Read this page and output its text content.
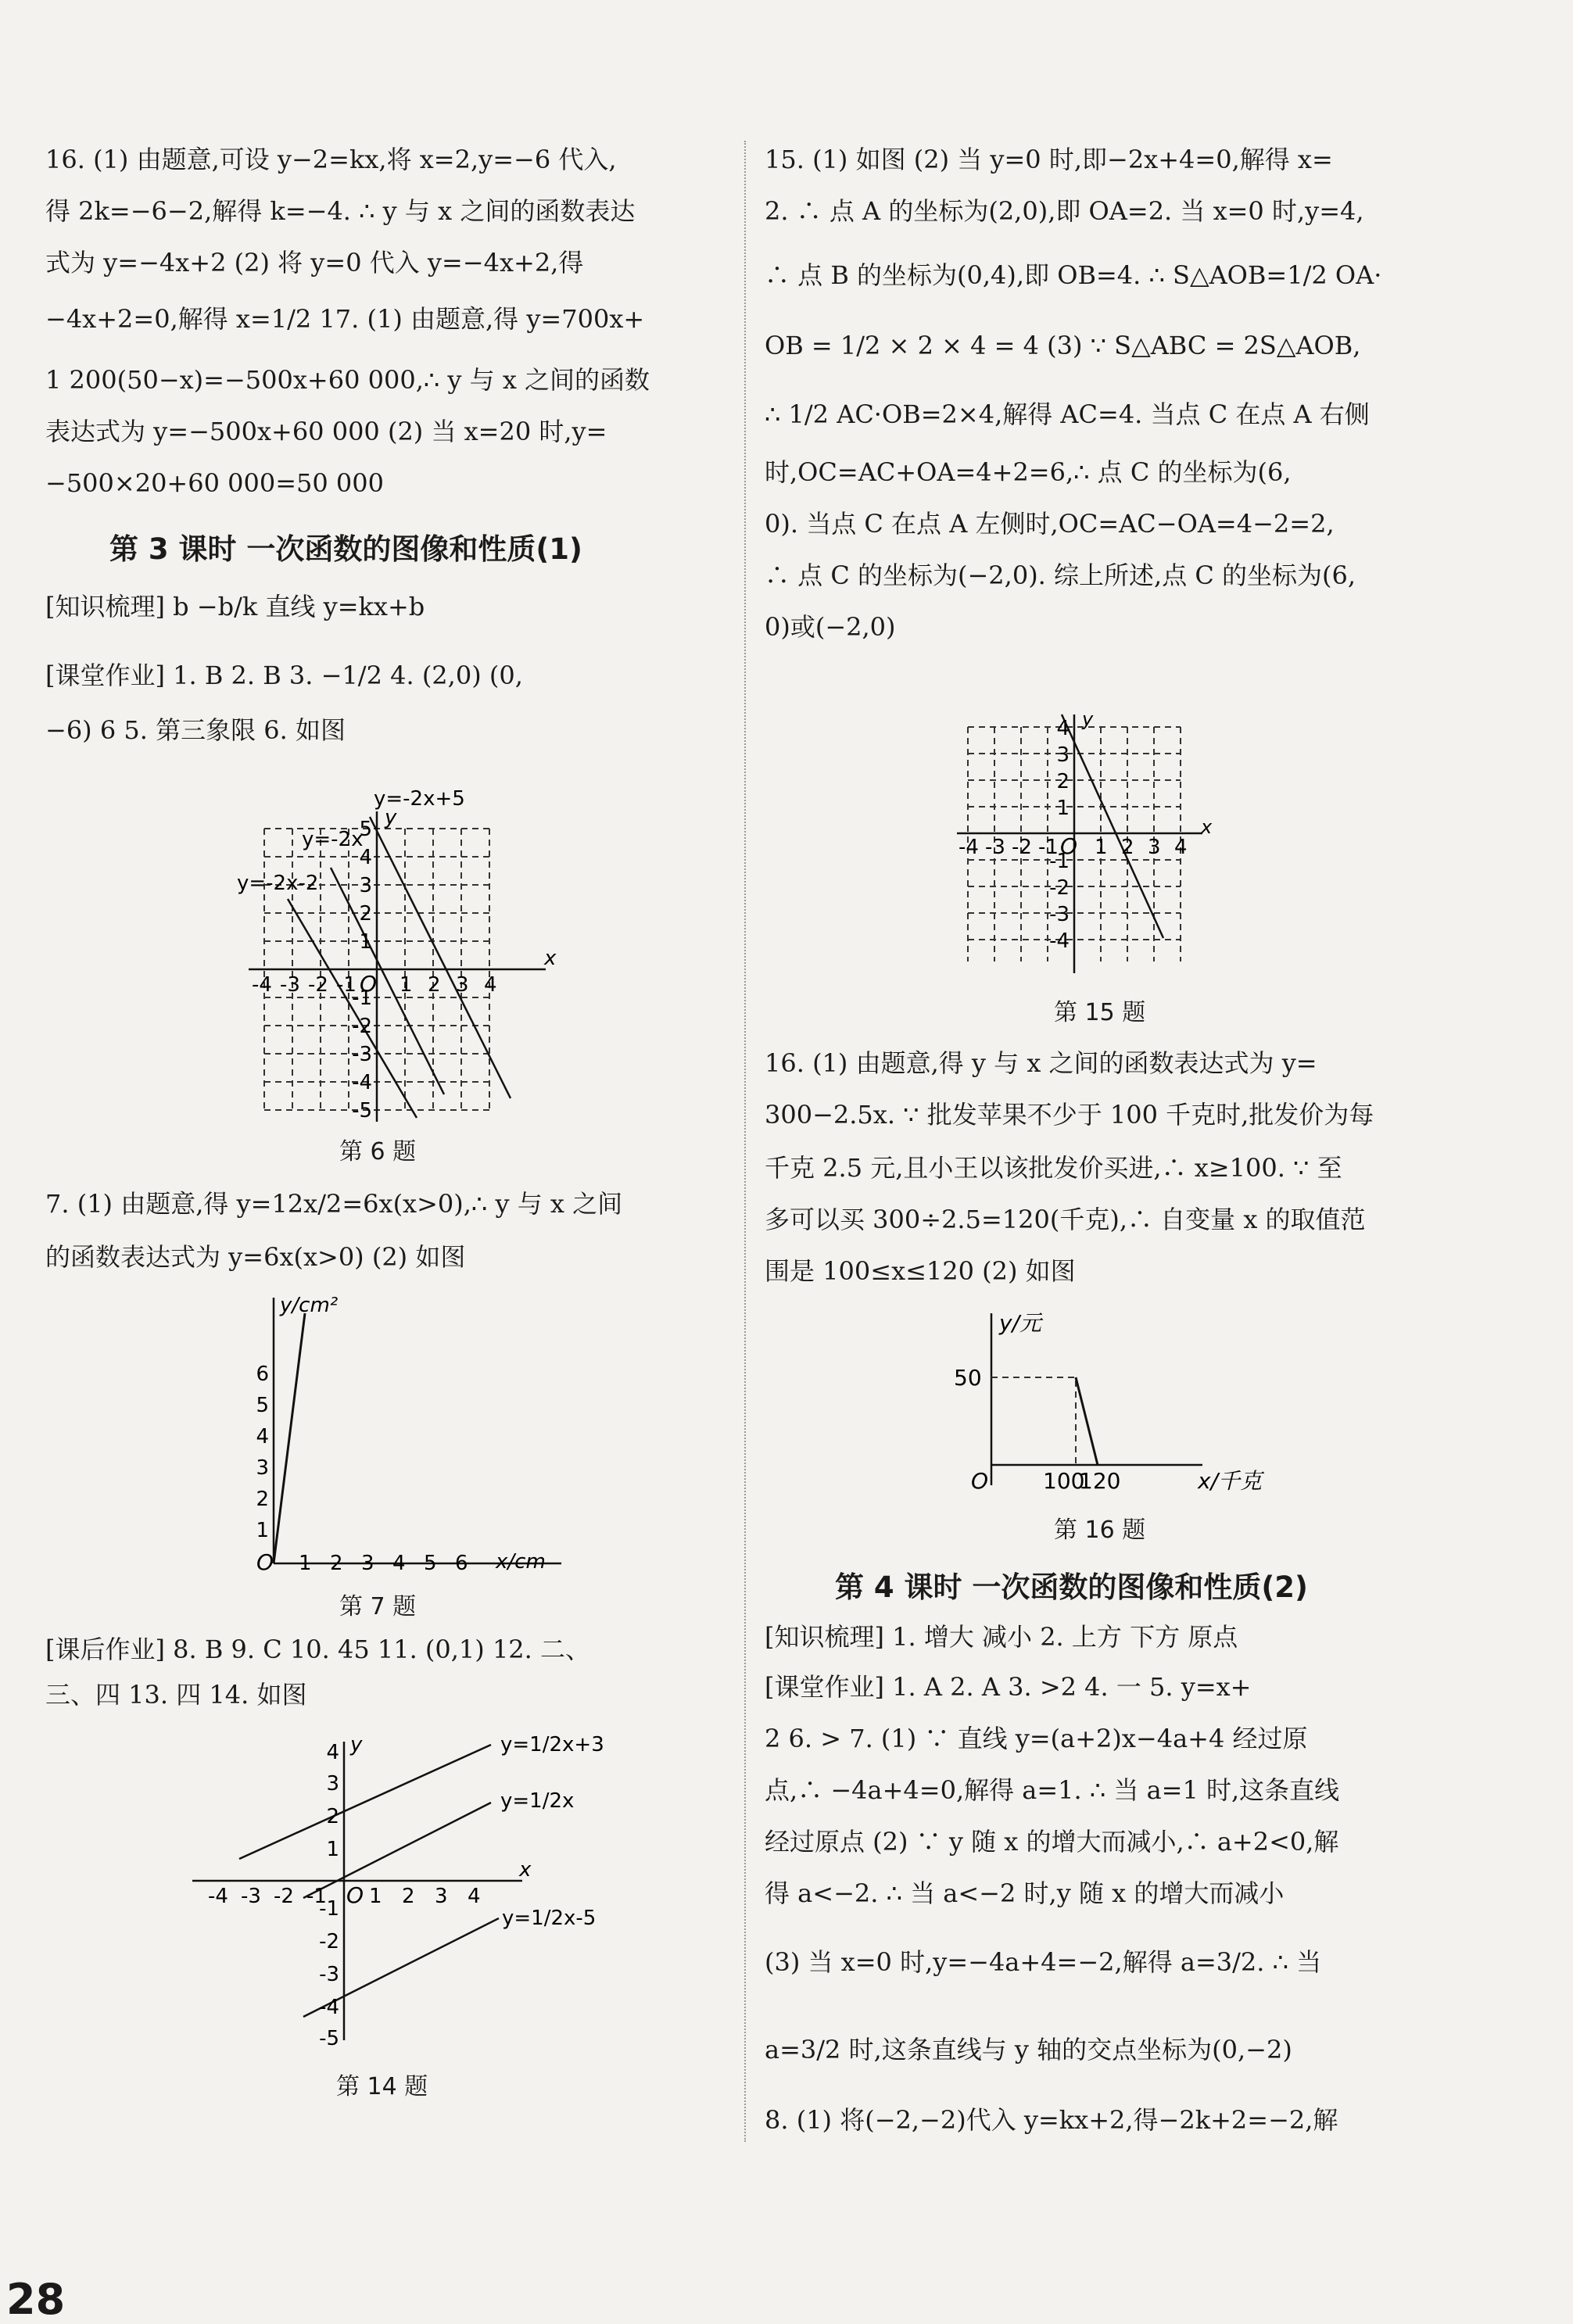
16. (1) 由题意,可设 y−2=kx,将 x=2,y=−6 代入,
得 2k=−6−2,解得 k=−4. ∴ y 与 x 之间的函数表达
式为 y=−4x+2 (2) 将 y=0 代入 y=−4x+2,得
−4x+2=0,解得 x=1/2 17. (1) 由题意,得 y=700x+
1 200(50−x)=−500x+60 000,∴ y 与 x 之间的函数
表达式为 y=−500x+60 000 (2) 当 x=20 时,y=
−500×20+60 000=50 000
第 3 课时 一次函数的图像和性质(1)
[知识梳理] b −b/k 直线 y=kx+b
[课堂作业] 1. B 2. B 3. −1/2 4. (2,0) (0,
−6) 6 5. 第三象限 6. 如图
y=-2x+5
y=-2x
y=-2x-2
y
x
O
-4 -3 -2 -1 1 2 3 4
5
4
3
2
1
-1
-2
-3
-4
-5
第 6 题
7. (1) 由题意,得 y=12x/2=6x(x>0),∴ y 与 x 之间
的函数表达式为 y=6x(x>0) (2) 如图
y/cm²
x/cm
O 1 2 3 4 5 6
1
2
3
4
5
6
第 7 题
[课后作业] 8. B 9. C 10. 45 11. (0,1) 12. 二、
三、四 13. 四 14. 如图
y=1/2x+3
y=1/2x
y=1/2x-5
y
x
O
-4 -3 -2 -1 1 2 3 4
4
3
2
1
-1
-2
-3
-4
-5
第 14 题
28
15. (1) 如图 (2) 当 y=0 时,即−2x+4=0,解得 x=
2. ∴ 点 A 的坐标为(2,0),即 OA=2. 当 x=0 时,y=4,
∴ 点 B 的坐标为(0,4),即 OB=4. ∴ S△AOB=1/2 OA·
OB = 1/2 × 2 × 4 = 4 (3) ∵ S△ABC = 2S△AOB,
∴ 1/2 AC·OB=2×4,解得 AC=4. 当点 C 在点 A 右侧
时,OC=AC+OA=4+2=6,∴ 点 C 的坐标为(6,
0). 当点 C 在点 A 左侧时,OC=AC−OA=4−2=2,
∴ 点 C 的坐标为(−2,0). 综上所述,点 C 的坐标为(6,
0)或(−2,0)
y
x
O
-4 -3 -2 -1 1 2 3 4
4
3
2
1
-1
-2
-3
-4
第 15 题
16. (1) 由题意,得 y 与 x 之间的函数表达式为 y=
300−2.5x. ∵ 批发苹果不少于 100 千克时,批发价为每
千克 2.5 元,且小王以该批发价买进,∴ x≥100. ∵ 至
多可以买 300÷2.5=120(千克),∴ 自变量 x 的取值范
围是 100≤x≤120 (2) 如图
y/元
x/千克
O
50
100
120
第 16 题
第 4 课时 一次函数的图像和性质(2)
[知识梳理] 1. 增大 减小 2. 上方 下方 原点
[课堂作业] 1. A 2. A 3. >2 4. 一 5. y=x+
2 6. > 7. (1) ∵ 直线 y=(a+2)x−4a+4 经过原
点,∴ −4a+4=0,解得 a=1. ∴ 当 a=1 时,这条直线
经过原点 (2) ∵ y 随 x 的增大而减小,∴ a+2<0,解
得 a<−2. ∴ 当 a<−2 时,y 随 x 的增大而减小
(3) 当 x=0 时,y=−4a+4=−2,解得 a=3/2. ∴ 当
a=3/2 时,这条直线与 y 轴的交点坐标为(0,−2)
8. (1) 将(−2,−2)代入 y=kx+2,得−2k+2=−2,解
